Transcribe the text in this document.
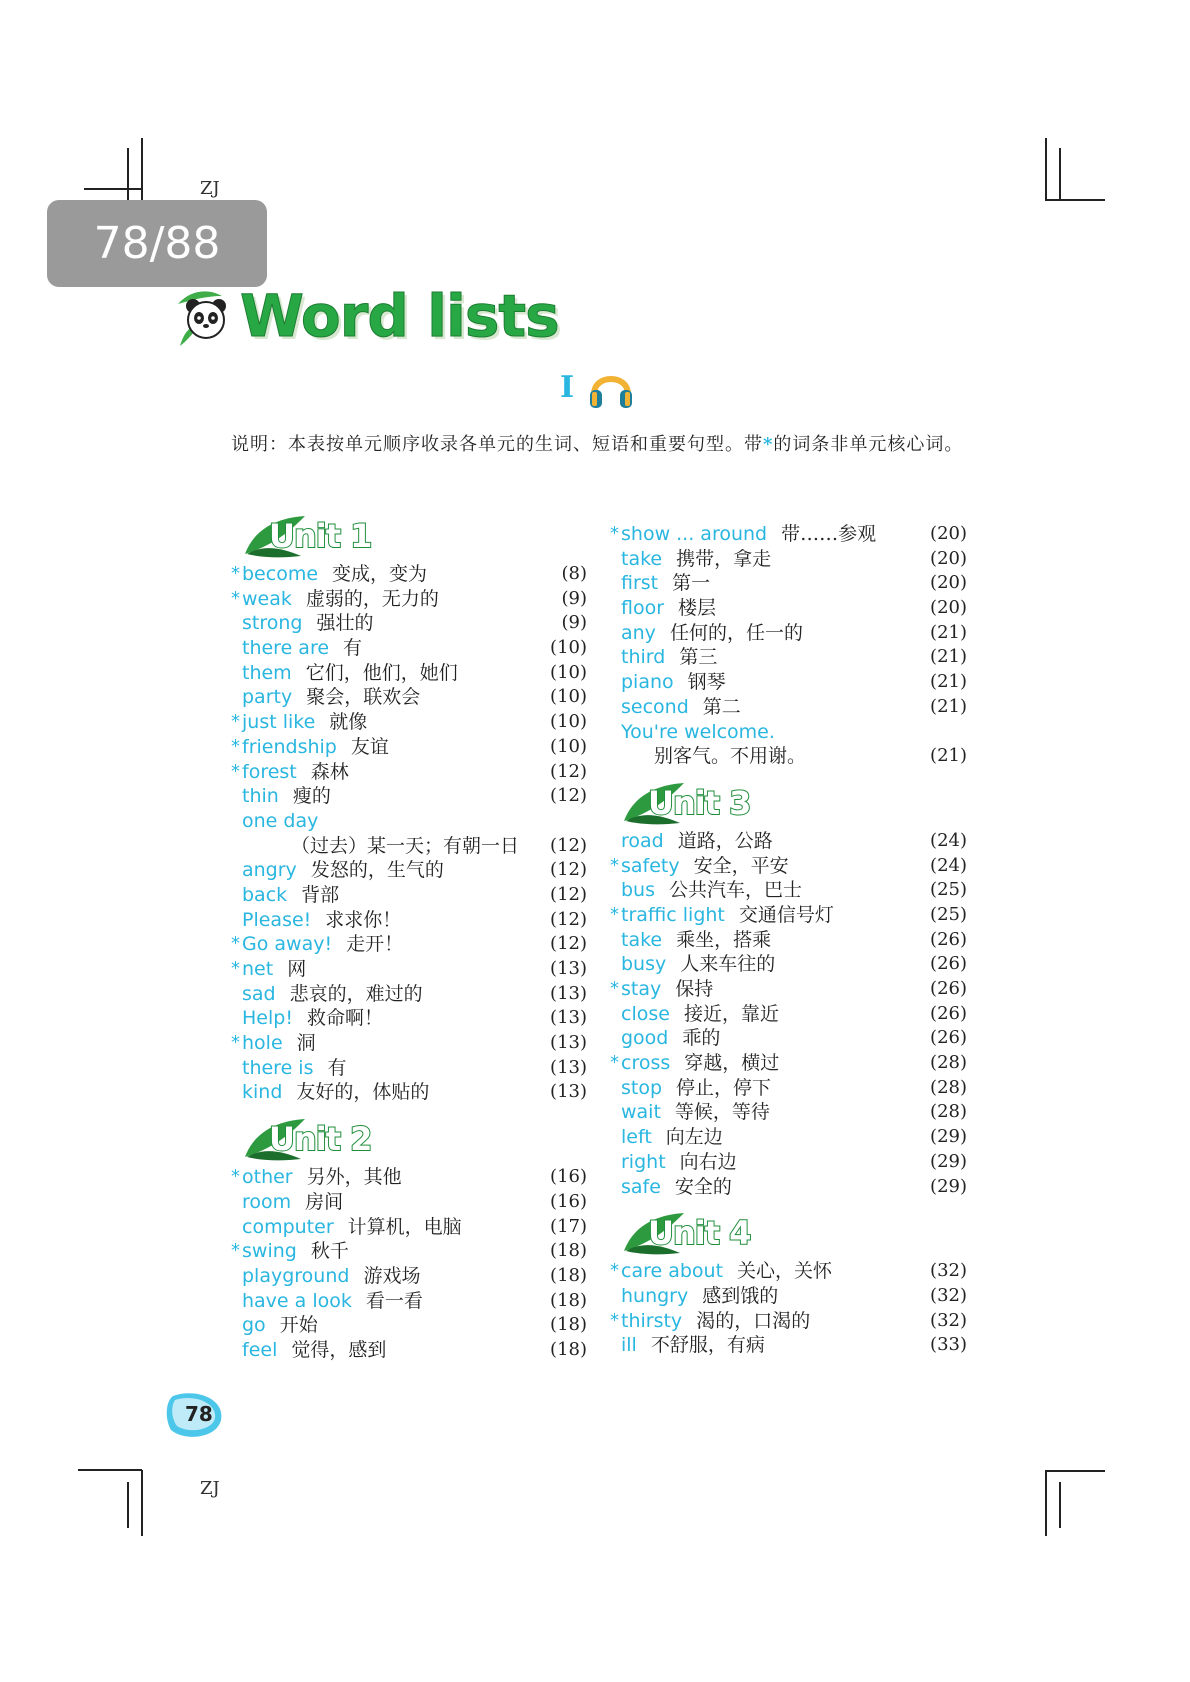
ZJ
ZJ
78/88
Word lists
I
说明：本表按单元顺序收录各单元的生词、短语和重要句型。带*的词条非单元核心词。
Unit 1
* become 变成，变为	(8)
* weak 虚弱的，无力的	(9)
strong 强壮的	(9)
there are 有	(10)
them 它们，他们，她们	(10)
party 聚会，联欢会	(10)
* just like 就像	(10)
* friendship 友谊	(10)
* forest 森林	(12)
thin 瘦的	(12)
one day
（过去）某一天；有朝一日 (12)
angry 发怒的，生气的	(12)
back 背部	(12)
Please! 求求你！	(12)
* Go away! 走开！	(12)
* net 网	(13)
sad 悲哀的，难过的	(13)
Help! 救命啊！	(13)
* hole 洞	(13)
there is 有	(13)
kind 友好的，体贴的	(13)
Unit 2
* other 另外，其他	(16)
room 房间	(16)
computer 计算机，电脑	(17)
* swing 秋千	(18)
playground 游戏场	(18)
have a look 看一看	(18)
go 开始	(18)
feel 觉得，感到	(18)
* show ... around 带……参观	(20)
take 携带，拿走	(20)
first 第一	(20)
floor 楼层	(20)
any 任何的，任一的	(21)
third 第三	(21)
piano 钢琴	(21)
second 第二	(21)
You're welcome.
别客气。不用谢。	(21)
Unit 3
road 道路，公路	(24)
* safety 安全，平安	(24)
bus 公共汽车，巴士	(25)
* traffic light 交通信号灯	(25)
take 乘坐，搭乘	(26)
busy 人来车往的	(26)
* stay 保持	(26)
close 接近，靠近	(26)
good 乖的	(26)
* cross 穿越，横过	(28)
stop 停止，停下	(28)
wait 等候，等待	(28)
left 向左边	(29)
right 向右边	(29)
safe 安全的	(29)
Unit 4
* care about 关心，关怀	(32)
hungry 感到饿的	(32)
* thirsty 渴的，口渴的	(32)
ill 不舒服，有病	(33)
78
